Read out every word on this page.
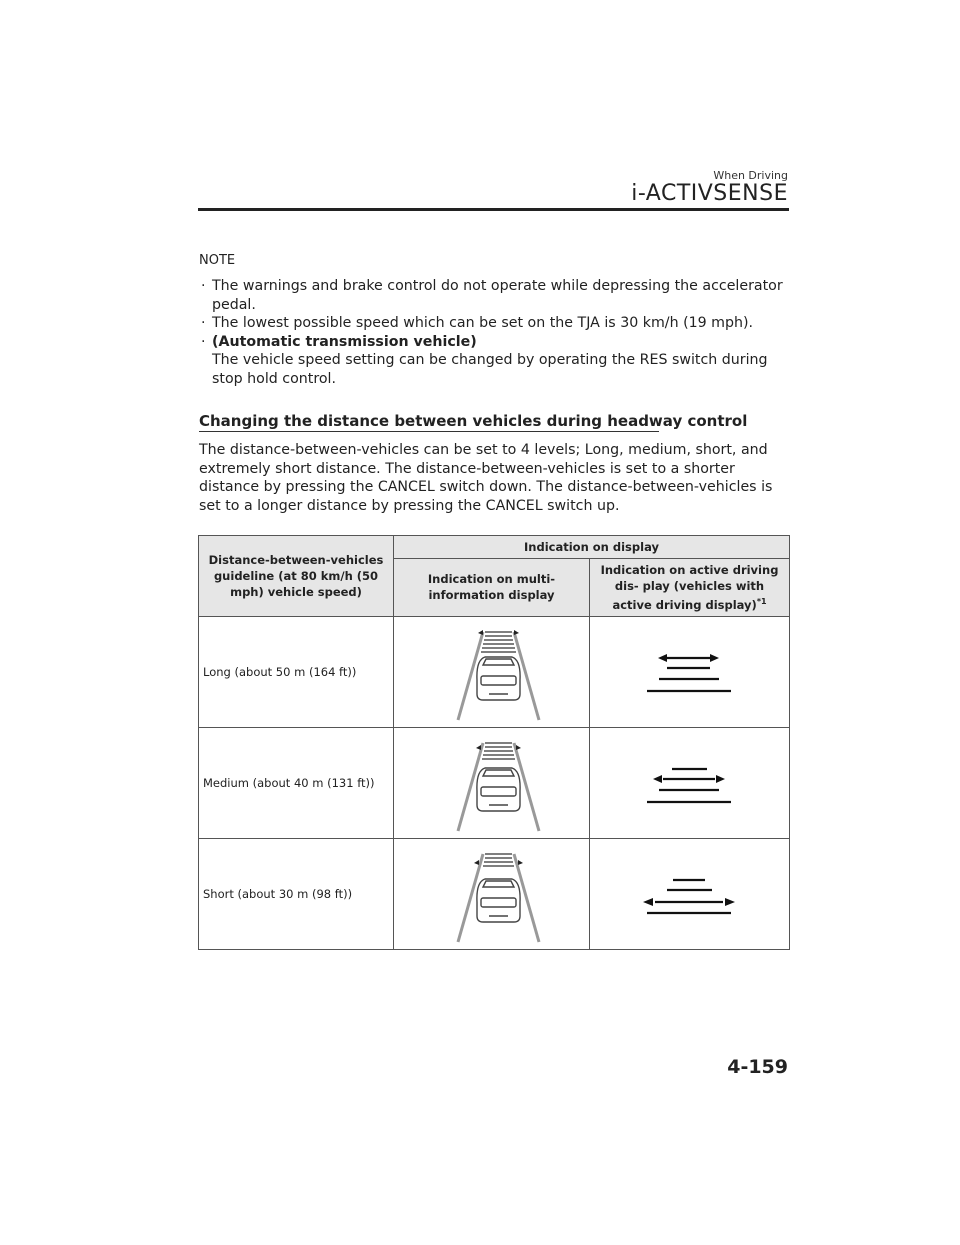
When Driving
i-ACTIVSENSE
NOTE
· The warnings and brake control do not operate while depressing the accelerator pedal.
· The lowest possible speed which can be set on the TJA is 30 km/h (19 mph).
· (Automatic transmission vehicle)
The vehicle speed setting can be changed by operating the RES switch during stop hold control.
Changing the distance between vehicles during headway control

The distance-between-vehicles can be set to 4 levels; Long, medium, short, and extremely short distance. The distance-between-vehicles is set to a shorter distance by pressing the CANCEL switch down. The distance-between-vehicles is set to a longer distance by pressing the CANCEL switch up.

Distance-between-vehicles guideline (at 80 km/h (50 mph) vehicle speed)	Indication on display	
	Indication on multi-information display	Indication on active driving dis- play (vehicles with active driving display)$^{*1}$
Long (about 50 m (164 ft))	

Medium (about 40 m (131 ft))	

Short (about 30 m (98 ft))	

4-159
